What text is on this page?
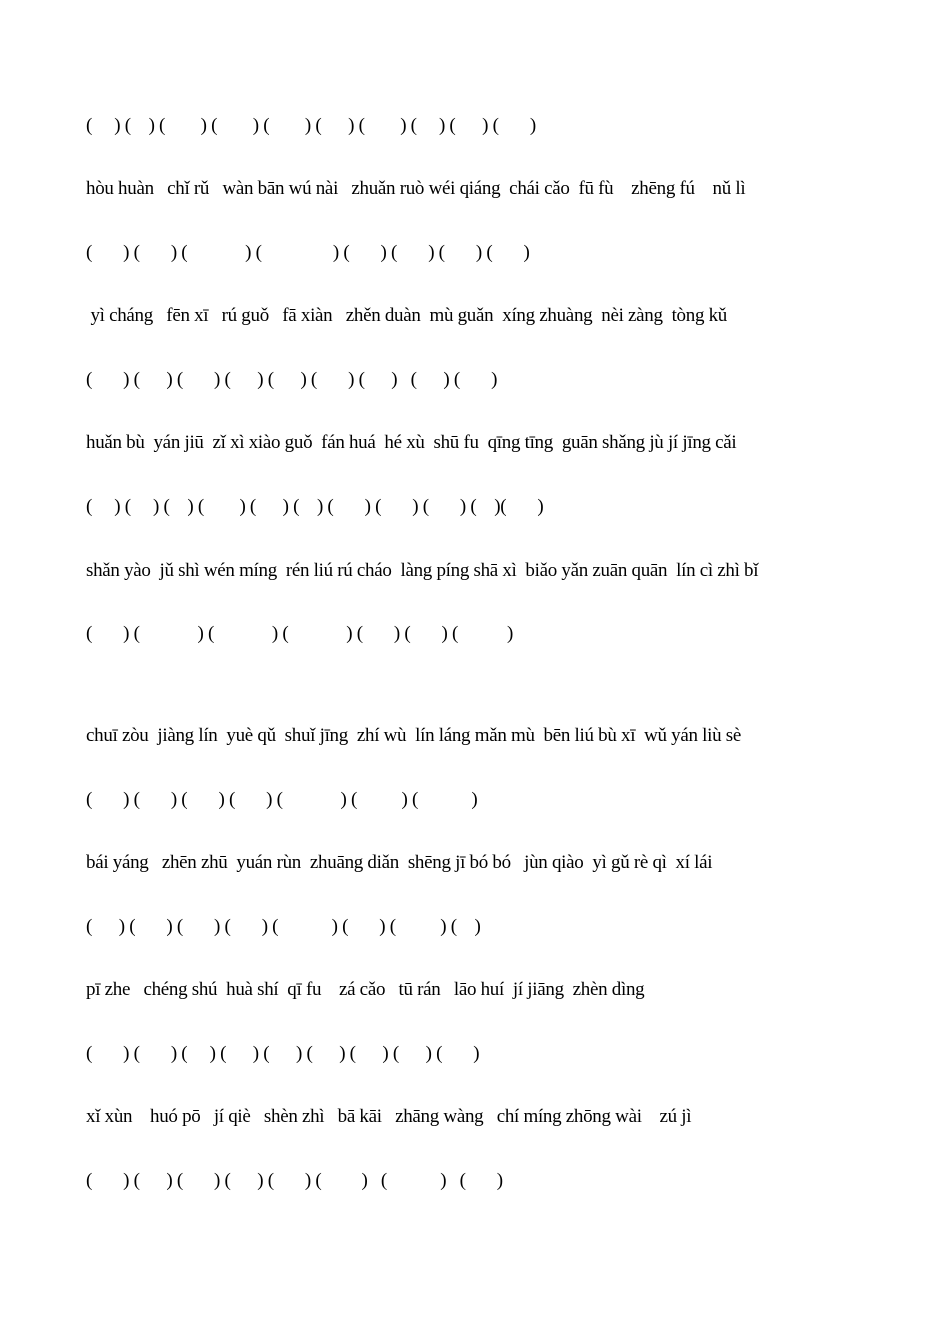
(     ) (    ) (        ) (        ) (        ) (      ) (        ) (     ) (      ) (       )

hòu huàn   chǐ rǔ   wàn bān wú nài   zhuǎn ruò wéi qiáng  chái cǎo  fū fù    zhēng fú    nǔ lì

(       ) (       ) (             ) (                ) (       ) (       ) (       ) (       )

yì cháng   fēn xī   rú guǒ   fā xiàn   zhěn duàn  mù guǎn  xíng zhuàng  nèi zàng  tòng kǔ

(       ) (      ) (       ) (      ) (      ) (       ) (      )   (      ) (       )

huǎn bù  yán jiū  zǐ xì xiào guǒ  fán huá  hé xù  shū fu  qīng tīng  guān shǎng jù jí jīng cǎi

(     ) (     ) (    ) (        ) (      ) (    ) (       ) (       ) (       ) (    )(       )

shǎn yào  jǔ shì wén míng  rén liú rú cháo  làng píng shā xì  biǎo yǎn zuān quān  lín cì zhì bǐ

(       ) (             ) (             ) (             ) (       ) (       ) (           )

chuī zòu  jiàng lín  yuè qǔ  shuǐ jīng  zhí wù  lín láng mǎn mù  bēn liú bù xī  wǔ yán liù sè

(       ) (       ) (       ) (       ) (             ) (          ) (            )

bái yáng   zhēn zhū  yuán rùn  zhuāng diǎn  shēng jī bó bó   jùn qiào  yì gǔ rè qì  xí lái

(      ) (       ) (       ) (       ) (            ) (       ) (          ) (    )

pī zhe   chéng shú  huà shí  qī fu    zá cǎo   tū rán   lāo huí  jí jiāng  zhèn dìng

(       ) (       ) (     ) (      ) (      ) (      ) (      ) (      ) (       )

xǐ xùn    huó pō   jí qiè   shèn zhì   bā kāi   zhāng wàng   chí míng zhōng wài    zú jì

(       ) (      ) (       ) (      ) (       ) (         )   (            )   (       )
